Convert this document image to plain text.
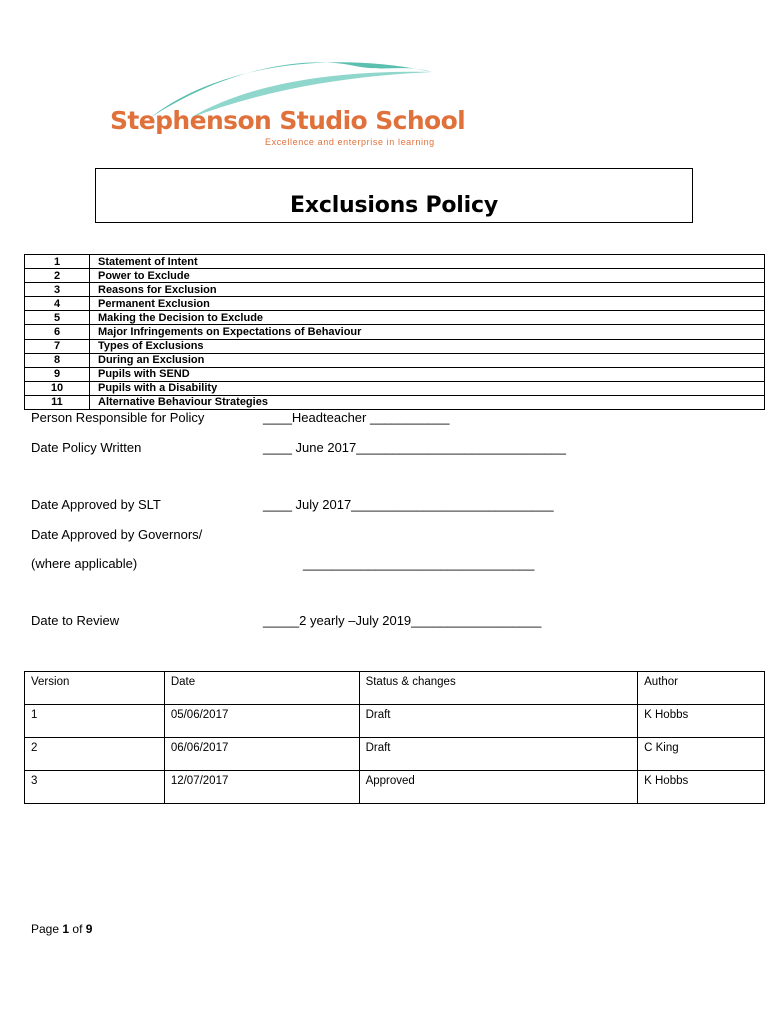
Stephenson Studio School
Excellence and enterprise in learning
Exclusions Policy
1	Statement of Intent
2	Power to Exclude
3	Reasons for Exclusion
4	Permanent Exclusion
5	Making the Decision to Exclude
6	Major Infringements on Expectations of Behaviour
7	Types of Exclusions
8	During an Exclusion
9	Pupils with SEND
10	Pupils with a Disability
11	Alternative Behaviour Strategies
Person Responsible for Policy	____Headteacher ___________
Date Policy Written	____ June 2017_____________________________
Date Approved by SLT	____ July 2017____________________________
Date Approved by Governors/
(where applicable)	________________________________
Date to Review	_____2 yearly –July 2019__________________
Version	Date	Status & changes	Author
1	05/06/2017	Draft	K Hobbs
2	06/06/2017	Draft	C King
3	12/07/2017	Approved	K Hobbs
Page 1 of 9
